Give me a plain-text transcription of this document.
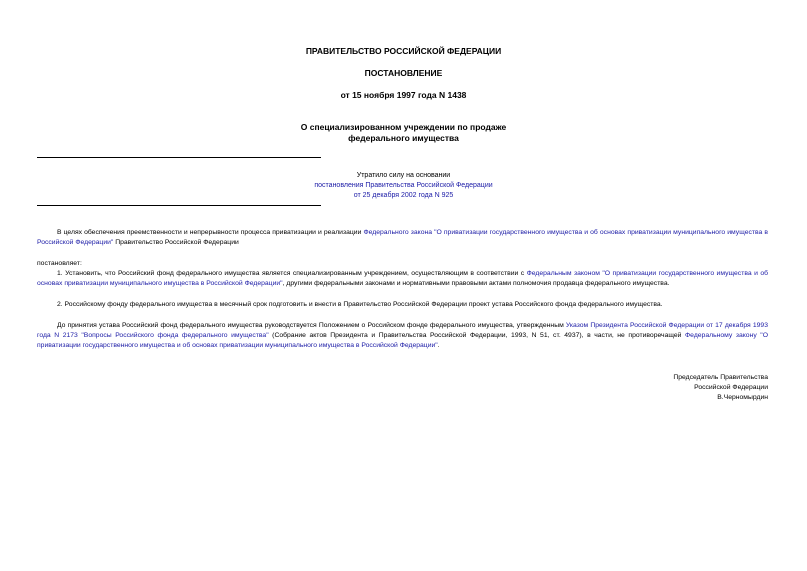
ПРАВИТЕЛЬСТВО РОССИЙСКОЙ ФЕДЕРАЦИИ
ПОСТАНОВЛЕНИЕ
от 15 ноября 1997 года N 1438
О специализированном учреждении по продаже
федерального имущества
Утратило силу на основании
постановления Правительства Российской Федерации
от 25 декабря 2002 года N 925
В целях обеспечения преемственности и непрерывности процесса приватизации и реализации Федерального закона "О приватизации государственного имущества и об основах приватизации муниципального имущества в Российской Федерации" Правительство Российской Федерации
постановляет:
1. Установить, что Российский фонд федерального имущества является специализированным учреждением, осуществляющим в соответствии с Федеральным законом "О приватизации государственного имущества и об основах приватизации муниципального имущества в Российской Федерации", другими федеральными законами и нормативными правовыми актами полномочия продавца федерального имущества.
2. Российскому фонду федерального имущества в месячный срок подготовить и внести в Правительство Российской Федерации проект устава Российского фонда федерального имущества.
До принятия устава Российский фонд федерального имущества руководствуется Положением о Российском фонде федерального имущества, утвержденным Указом Президента Российской Федерации от 17 декабря 1993 года N 2173 "Вопросы Российского фонда федерального имущества" (Собрание актов Президента и Правительства Российской Федерации, 1993, N 51, ст. 4937), в части, не противоречащей Федеральному закону "О приватизации государственного имущества и об основах приватизации муниципального имущества в Российской Федерации".
Председатель Правительства
Российской Федерации
В.Черномырдин
